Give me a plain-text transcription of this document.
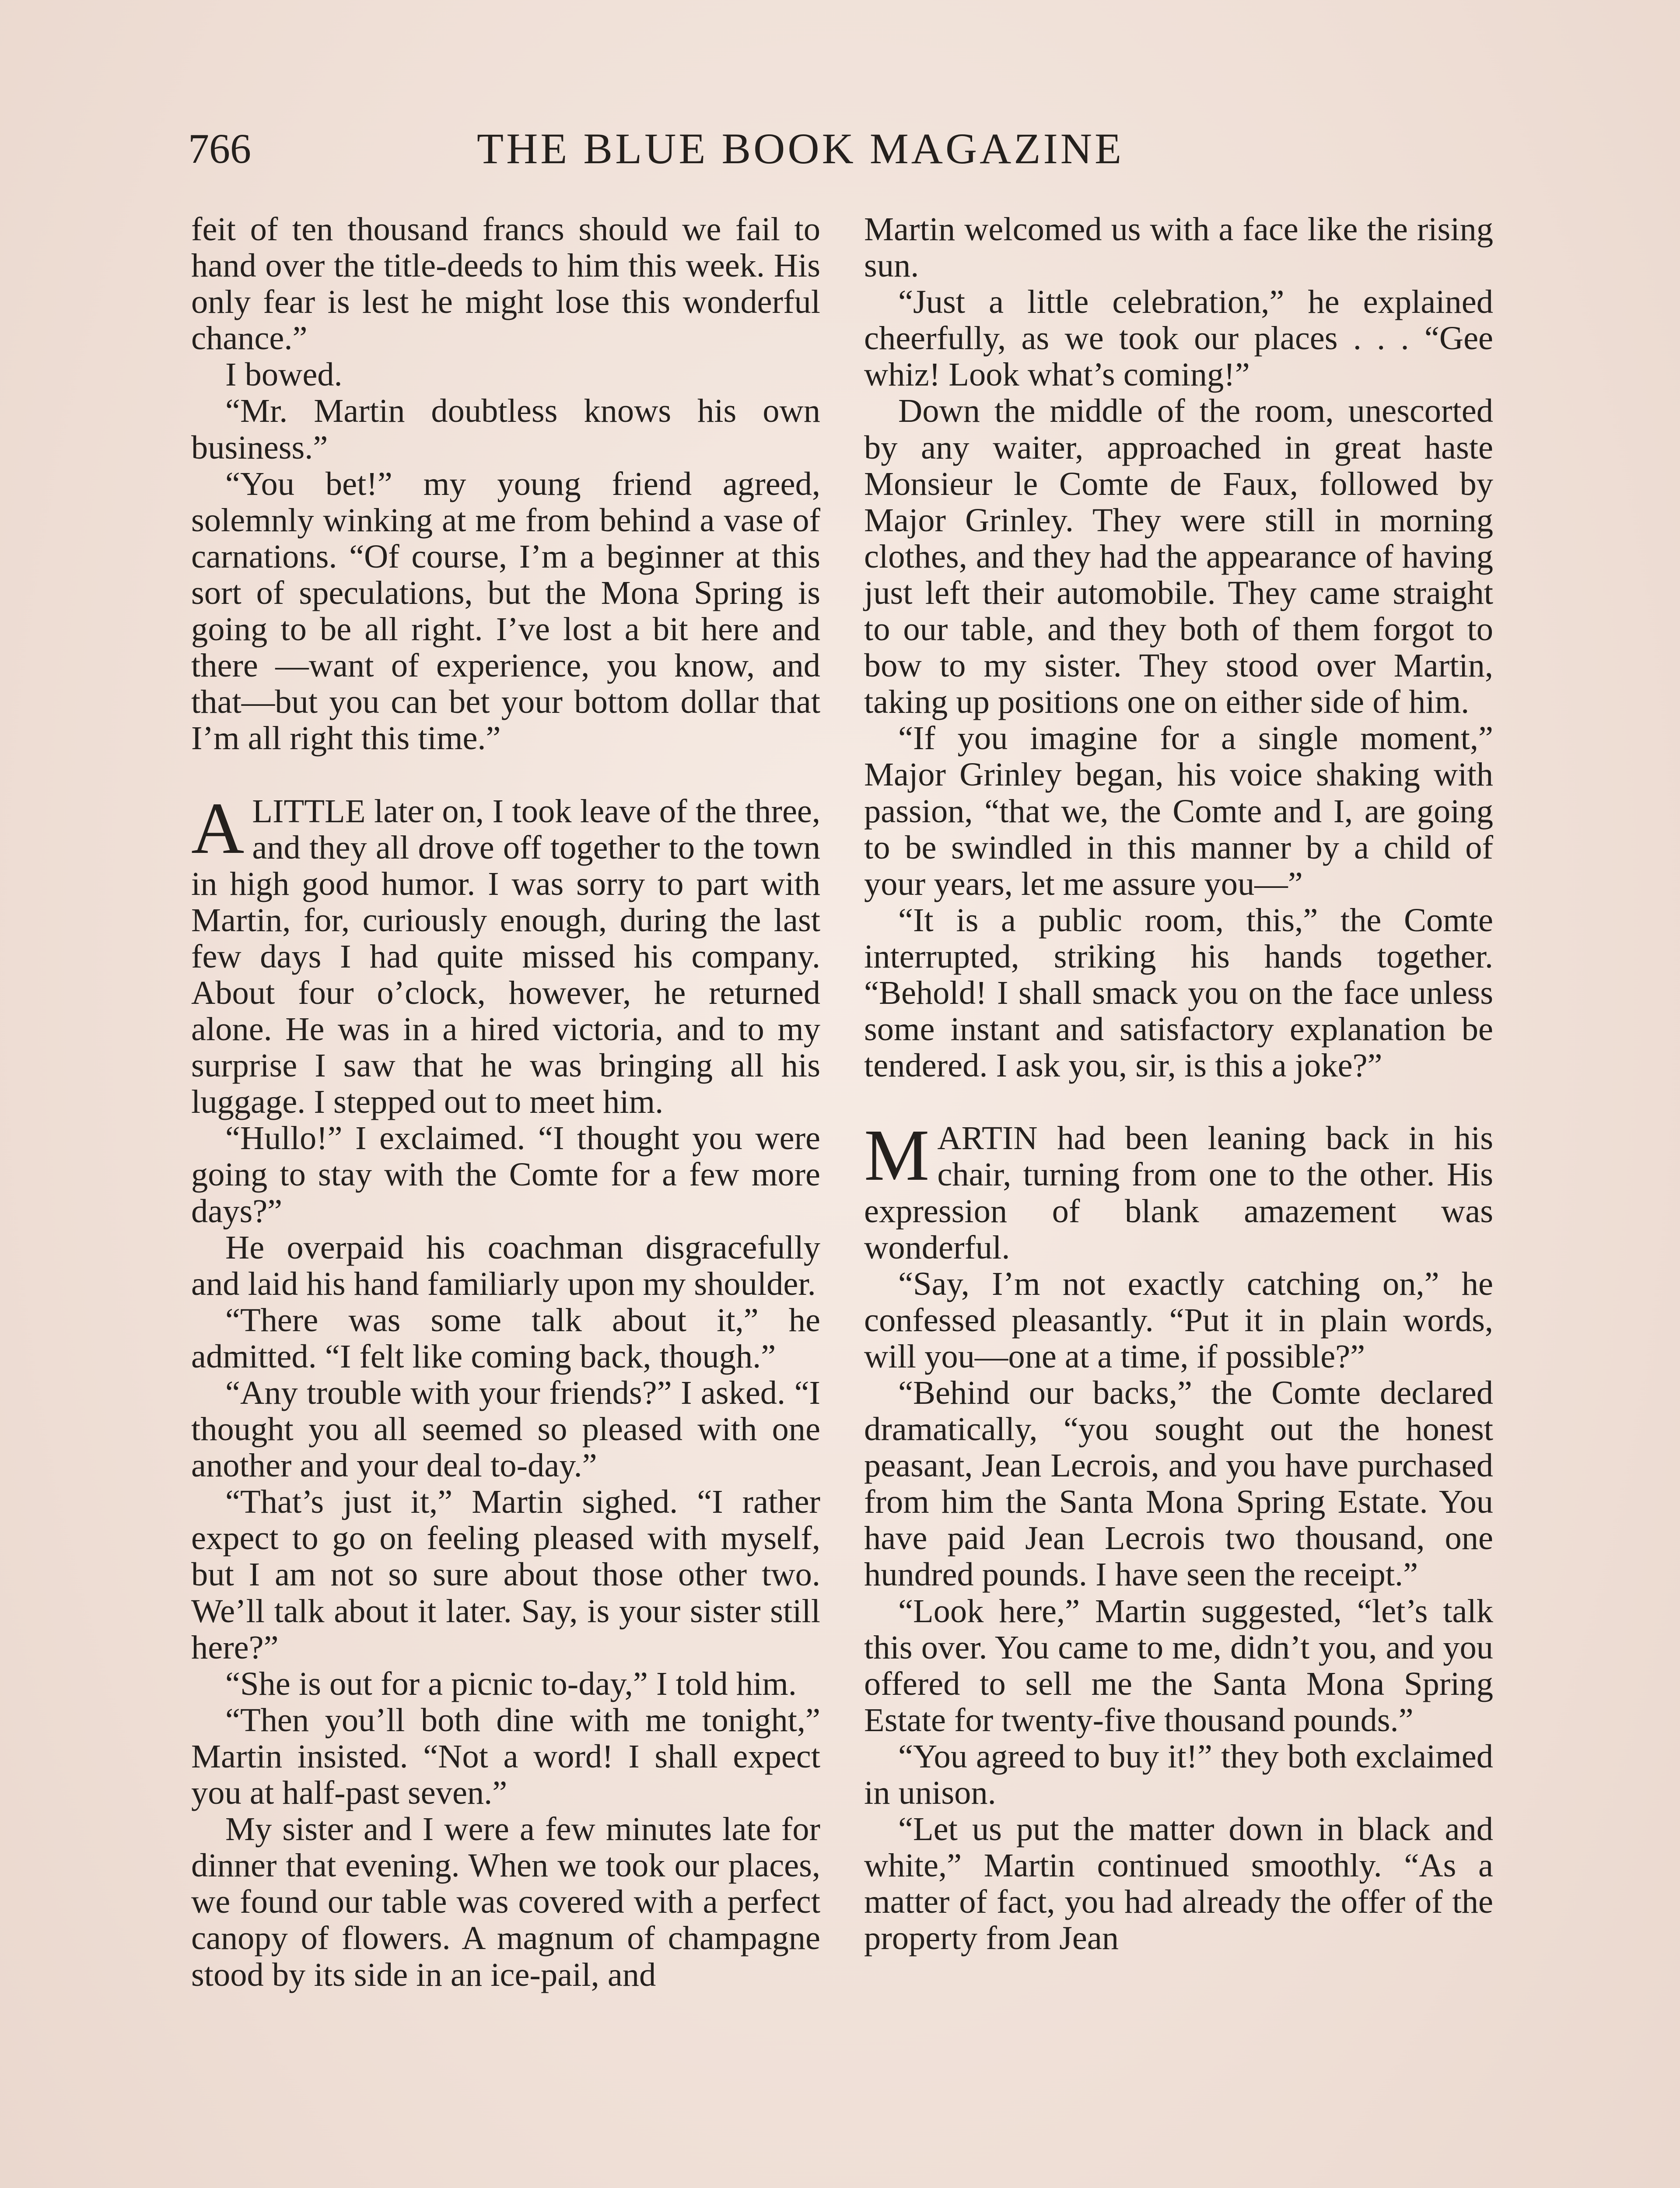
766	THE BLUE BOOK MAGAZINE

feit of ten thousand francs should we fail to hand over the title-deeds to him this week. His only fear is lest he might lose this wonderful chance.”

I bowed.

“Mr. Martin doubtless knows his own business.”

“You bet!” my young friend agreed, solemnly winking at me from behind a vase of carnations. “Of course, I’m a beginner at this sort of speculations, but the Mona Spring is going to be all right. I’ve lost a bit here and there —want of experience, you know, and that—but you can bet your bottom dollar that I’m all right this time.”

A LITTLE later on, I took leave of the three, and they all drove off together to the town in high good humor. I was sorry to part with Martin, for, curiously enough, during the last few days I had quite missed his company. About four o’clock, however, he returned alone. He was in a hired victoria, and to my surprise I saw that he was bringing all his luggage. I stepped out to meet him.

“Hullo!” I exclaimed. “I thought you were going to stay with the Comte for a few more days?”

He overpaid his coachman disgracefully and laid his hand familiarly upon my shoulder.

“There was some talk about it,” he admitted. “I felt like coming back, though.”

“Any trouble with your friends?” I asked. “I thought you all seemed so pleased with one another and your deal to-day.”

“That’s just it,” Martin sighed. “I rather expect to go on feeling pleased with myself, but I am not so sure about those other two. We’ll talk about it later. Say, is your sister still here?”

“She is out for a picnic to-day,” I told him.

“Then you’ll both dine with me tonight,” Martin insisted. “Not a word! I shall expect you at half-past seven.”

My sister and I were a few minutes late for dinner that evening. When we took our places, we found our table was covered with a perfect canopy of flowers. A magnum of champagne stood by its side in an ice-pail, and

Martin welcomed us with a face like the rising sun.

“Just a little celebration,” he explained cheerfully, as we took our places . . . “Gee whiz! Look what’s coming!”

Down the middle of the room, unescorted by any waiter, approached in great haste Monsieur le Comte de Faux, followed by Major Grinley. They were still in morning clothes, and they had the appearance of having just left their automobile. They came straight to our table, and they both of them forgot to bow to my sister. They stood over Martin, taking up positions one on either side of him.

“If you imagine for a single moment,” Major Grinley began, his voice shaking with passion, “that we, the Comte and I, are going to be swindled in this manner by a child of your years, let me assure you—”

“It is a public room, this,” the Comte interrupted, striking his hands together. “Behold! I shall smack you on the face unless some instant and satisfactory explanation be tendered. I ask you, sir, is this a joke?”

MARTIN had been leaning back in his chair, turning from one to the other. His expression of blank amazement was wonderful.

“Say, I’m not exactly catching on,” he confessed pleasantly. “Put it in plain words, will you—one at a time, if possible?”

“Behind our backs,” the Comte declared dramatically, “you sought out the honest peasant, Jean Lecrois, and you have purchased from him the Santa Mona Spring Estate. You have paid Jean Lecrois two thousand, one hundred pounds. I have seen the receipt.”

“Look here,” Martin suggested, “let’s talk this over. You came to me, didn’t you, and you offered to sell me the Santa Mona Spring Estate for twenty-five thousand pounds.”

“You agreed to buy it!” they both exclaimed in unison.

“Let us put the matter down in black and white,” Martin continued smoothly. “As a matter of fact, you had already the offer of the property from Jean
